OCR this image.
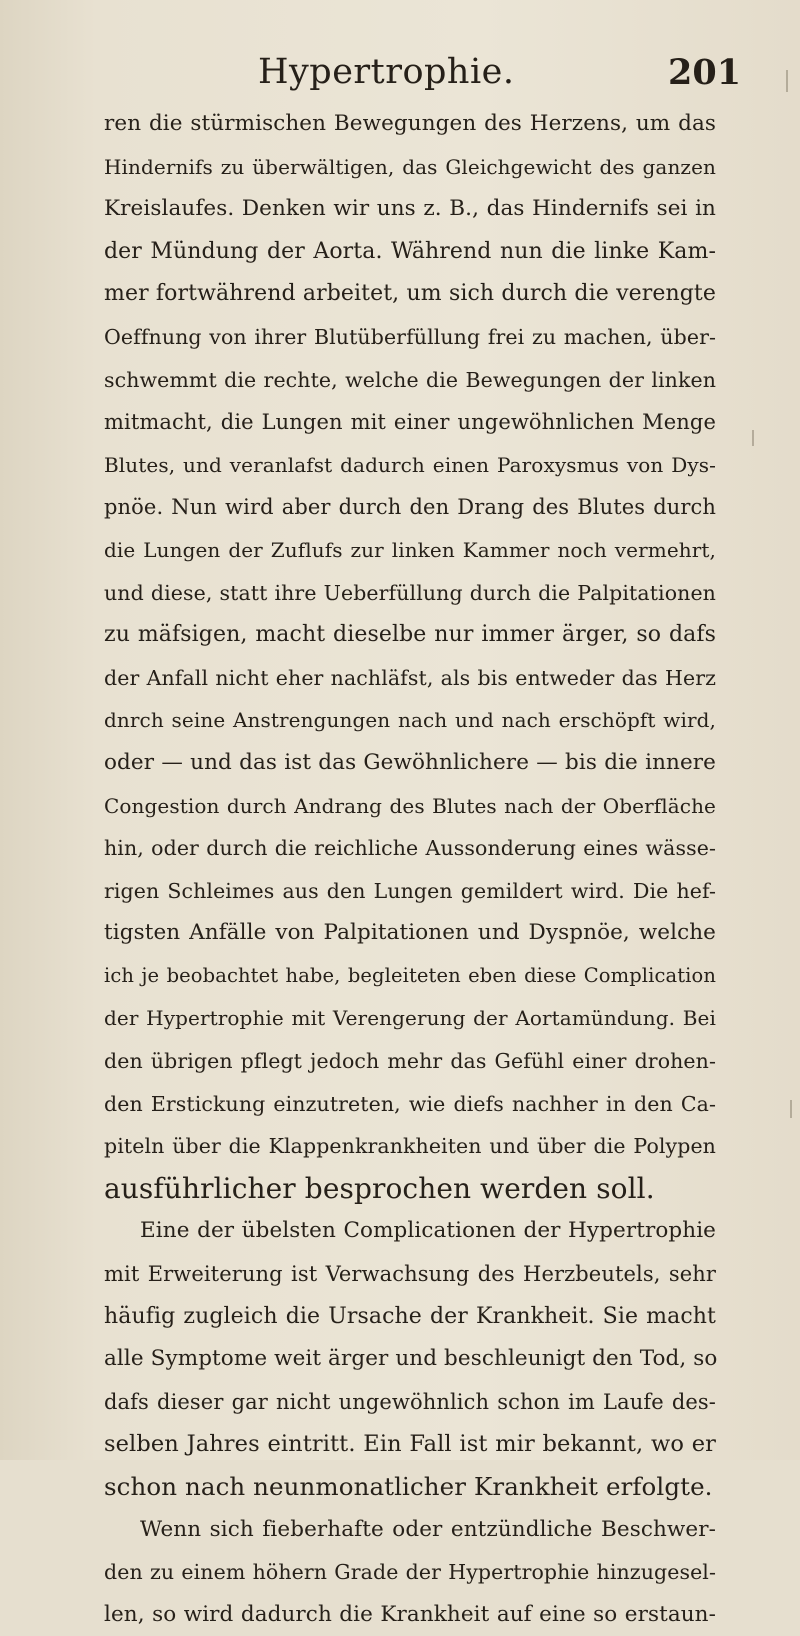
Hypertrophie.	201
ren die stürmischen Bewegungen des Herzens, um das
Hindernifs zu überwältigen, das Gleichgewicht des ganzen
Kreislaufes. Denken wir uns z. B., das Hindernifs sei in
der Mündung der Aorta. Während nun die linke Kam-
mer fortwährend arbeitet, um sich durch die verengte
Oeffnung von ihrer Blutüberfüllung frei zu machen, über-
schwemmt die rechte, welche die Bewegungen der linken
mitmacht, die Lungen mit einer ungewöhnlichen Menge
Blutes, und veranlafst dadurch einen Paroxysmus von Dys-
pnöe. Nun wird aber durch den Drang des Blutes durch
die Lungen der Zuflufs zur linken Kammer noch vermehrt,
und diese, statt ihre Ueberfüllung durch die Palpitationen
zu mäfsigen, macht dieselbe nur immer ärger, so dafs
der Anfall nicht eher nachläfst, als bis entweder das Herz
dnrch seine Anstrengungen nach und nach erschöpft wird,
oder — und das ist das Gewöhnlichere — bis die innere
Congestion durch Andrang des Blutes nach der Oberfläche
hin, oder durch die reichliche Aussonderung eines wässe-
rigen Schleimes aus den Lungen gemildert wird. Die hef-
tigsten Anfälle von Palpitationen und Dyspnöe, welche
ich je beobachtet habe, begleiteten eben diese Complication
der Hypertrophie mit Verengerung der Aortamündung. Bei
den übrigen pflegt jedoch mehr das Gefühl einer drohen-
den Erstickung einzutreten, wie diefs nachher in den Ca-
piteln über die Klappenkrankheiten und über die Polypen
ausführlicher besprochen werden soll.
Eine der übelsten Complicationen der Hypertrophie
mit Erweiterung ist Verwachsung des Herzbeutels, sehr
häufig zugleich die Ursache der Krankheit. Sie macht
alle Symptome weit ärger und beschleunigt den Tod, so
dafs dieser gar nicht ungewöhnlich schon im Laufe des-
selben Jahres eintritt. Ein Fall ist mir bekannt, wo er
schon nach neunmonatlicher Krankheit erfolgte.
Wenn sich fieberhafte oder entzündliche Beschwer-
den zu einem höhern Grade der Hypertrophie hinzugesel-
len, so wird dadurch die Krankheit auf eine so erstaun-
